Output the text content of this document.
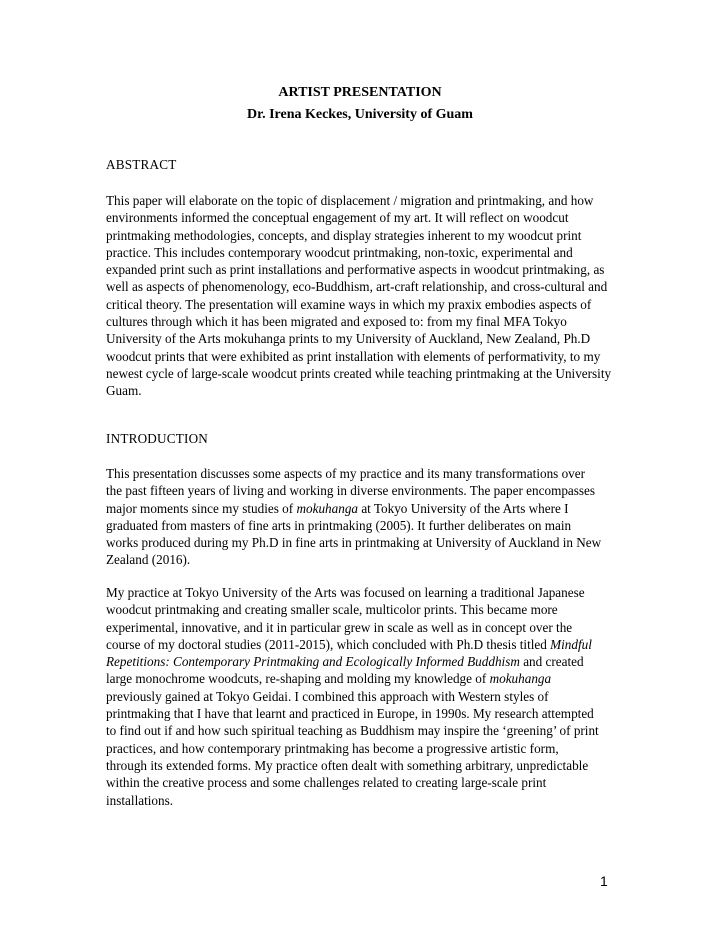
ARTIST PRESENTATION
Dr. Irena Keckes, University of Guam
ABSTRACT
This paper will elaborate on the topic of displacement / migration and printmaking, and how
environments informed the conceptual engagement of my art. It will reflect on woodcut
printmaking methodologies, concepts, and display strategies inherent to my woodcut print
practice. This includes contemporary woodcut printmaking, non-toxic, experimental and
expanded print such as print installations and performative aspects in woodcut printmaking, as
well as aspects of phenomenology, eco-Buddhism, art-craft relationship, and cross-cultural and
critical theory. The presentation will examine ways in which my praxix embodies aspects of
cultures through which it has been migrated and exposed to: from my final MFA Tokyo
University of the Arts mokuhanga prints to my University of Auckland, New Zealand, Ph.D
woodcut prints that were exhibited as print installation with elements of performativity, to my
newest cycle of large-scale woodcut prints created while teaching printmaking at the University
Guam.
INTRODUCTION
This presentation discusses some aspects of my practice and its many transformations over
the past fifteen years of living and working in diverse environments. The paper encompasses
major moments since my studies of mokuhanga at Tokyo University of the Arts where I
graduated from masters of fine arts in printmaking (2005). It further deliberates on main
works produced during my Ph.D in fine arts in printmaking at University of Auckland in New
Zealand (2016).
My practice at Tokyo University of the Arts was focused on learning a traditional Japanese
woodcut printmaking and creating smaller scale, multicolor prints. This became more
experimental, innovative, and it in particular grew in scale as well as in concept over the
course of my doctoral studies (2011-2015), which concluded with Ph.D thesis titled Mindful
Repetitions: Contemporary Printmaking and Ecologically Informed Buddhism and created
large monochrome woodcuts, re-shaping and molding my knowledge of mokuhanga
previously gained at Tokyo Geidai. I combined this approach with Western styles of
printmaking that I have that learnt and practiced in Europe, in 1990s. My research attempted
to find out if and how such spiritual teaching as Buddhism may inspire the ‘greening’ of print
practices, and how contemporary printmaking has become a progressive artistic form,
through its extended forms. My practice often dealt with something arbitrary, unpredictable
within the creative process and some challenges related to creating large-scale print
installations.
1
